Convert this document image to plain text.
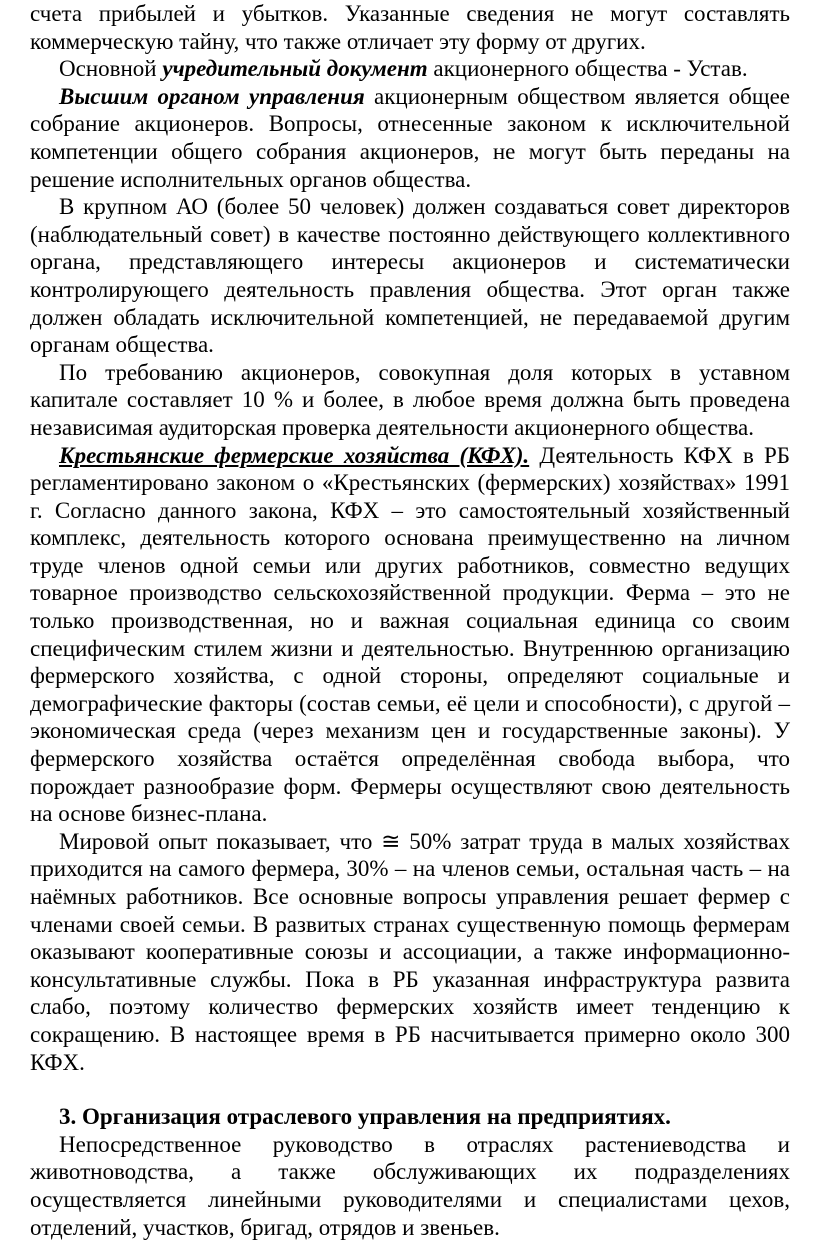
счета прибылей и убытков. Указанные сведения не могут составлять коммерческую тайну, что также отличает эту форму от других.

Основной учредительный документ акционерного общества - Устав.

Высшим органом управления акционерным обществом является общее собрание акционеров. Вопросы, отнесенные законом к исключительной компетенции общего собрания акционеров, не могут быть переданы на решение исполнительных органов общества.

В крупном АО (более 50 человек) должен создаваться совет директоров (наблюдательный совет) в качестве постоянно действующего коллективного органа, представляющего интересы акционеров и систематически контролирующего деятельность правления общества. Этот орган также должен обладать исключительной компетенцией, не передаваемой другим органам общества.

По требованию акционеров, совокупная доля которых в уставном капитале составляет 10 % и более, в любое время должна быть проведена независимая аудиторская проверка деятельности акционерного общества.

Крестьянские фермерские хозяйства (КФХ). Деятельность КФХ в РБ регламентировано законом о «Крестьянских (фермерских) хозяйствах» 1991 г. Согласно данного закона, КФХ – это самостоятельный хозяйственный комплекс, деятельность которого основана преимущественно на личном труде членов одной семьи или других работников, совместно ведущих товарное производство сельскохозяйственной продукции. Ферма – это не только производственная, но и важная социальная единица со своим специфическим стилем жизни и деятельностью. Внутреннюю организацию фермерского хозяйства, с одной стороны, определяют социальные и демографические факторы (состав семьи, её цели и способности), с другой – экономическая среда (через механизм цен и государственные законы). У фермерского хозяйства остаётся определённая свобода выбора, что порождает разнообразие форм. Фермеры осуществляют свою деятельность на основе бизнес-плана.

Мировой опыт показывает, что ≅ 50% затрат труда в малых хозяйствах приходится на самого фермера, 30% – на членов семьи, остальная часть – на наёмных работников. Все основные вопросы управления решает фермер с членами своей семьи. В развитых странах существенную помощь фермерам оказывают кооперативные союзы и ассоциации, а также информационно-консультативные службы. Пока в РБ указанная инфраструктура развита слабо, поэтому количество фермерских хозяйств имеет тенденцию к сокращению. В настоящее время в РБ насчитывается примерно около 300 КФХ.

3. Организация отраслевого управления на предприятиях.

Непосредственное руководство в отраслях растениеводства и животноводства, а также обслуживающих их подразделениях осуществляется линейными руководителями и специалистами цехов, отделений, участков, бригад, отрядов и звеньев.
